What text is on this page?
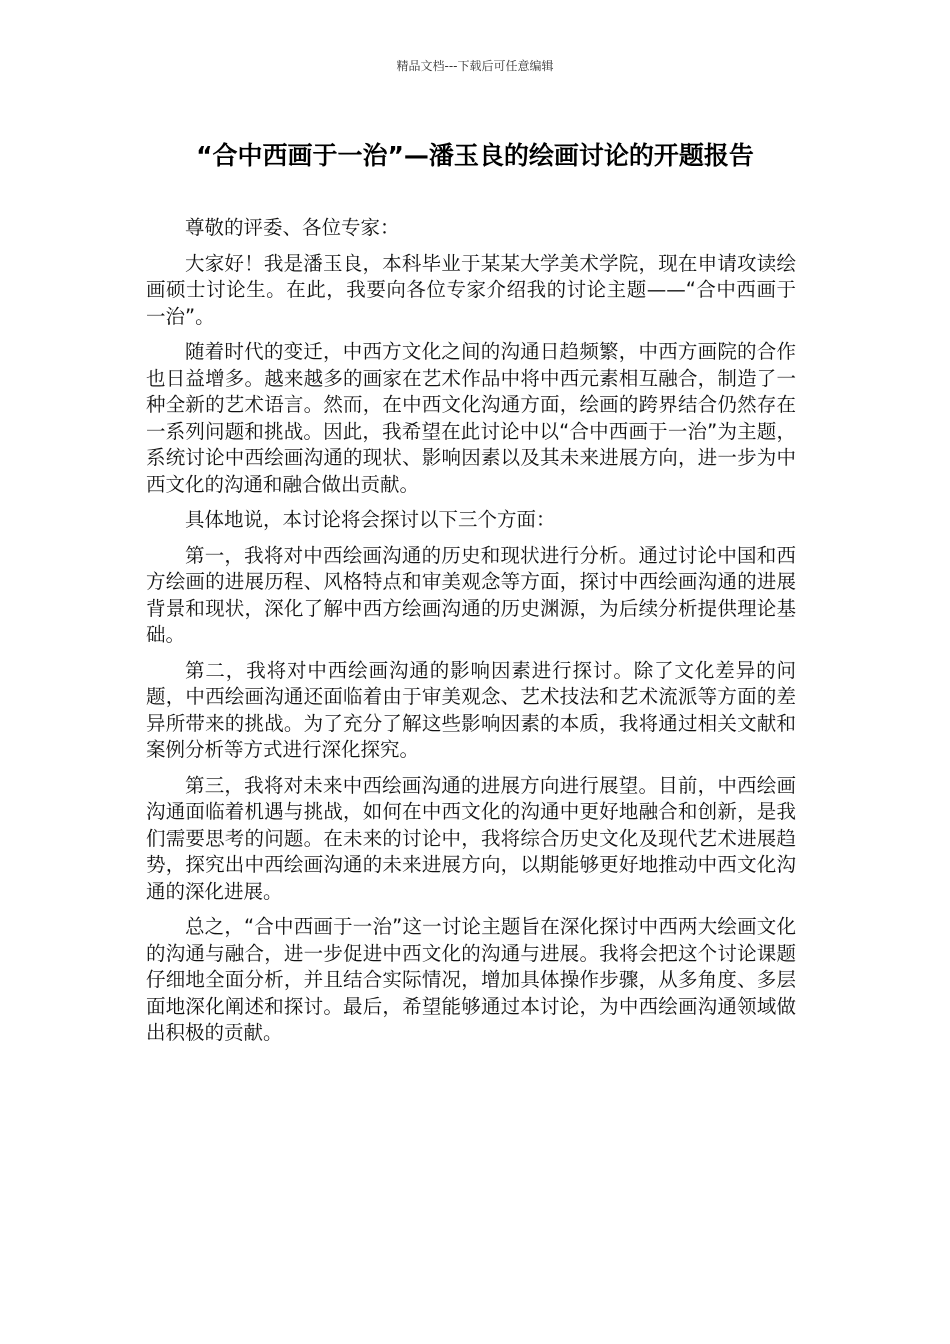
精品文档---下载后可任意编辑
“合中西画于一治”—潘玉良的绘画讨论的开题报告

尊敬的评委、各位专家：

大家好！我是潘玉良，本科毕业于某某大学美术学院，现在申请攻读绘画硕士讨论生。在此，我要向各位专家介绍我的讨论主题——“合中西画于一治”。

随着时代的变迁，中西方文化之间的沟通日趋频繁，中西方画院的合作也日益增多。越来越多的画家在艺术作品中将中西元素相互融合，制造了一种全新的艺术语言。然而，在中西文化沟通方面，绘画的跨界结合仍然存在一系列问题和挑战。因此，我希望在此讨论中以“合中西画于一治”为主题，系统讨论中西绘画沟通的现状、影响因素以及其未来进展方向，进一步为中西文化的沟通和融合做出贡献。

具体地说，本讨论将会探讨以下三个方面：

第一，我将对中西绘画沟通的历史和现状进行分析。通过讨论中国和西方绘画的进展历程、风格特点和审美观念等方面，探讨中西绘画沟通的进展背景和现状，深化了解中西方绘画沟通的历史渊源，为后续分析提供理论基础。

第二，我将对中西绘画沟通的影响因素进行探讨。除了文化差异的问题，中西绘画沟通还面临着由于审美观念、艺术技法和艺术流派等方面的差异所带来的挑战。为了充分了解这些影响因素的本质，我将通过相关文献和案例分析等方式进行深化探究。

第三，我将对未来中西绘画沟通的进展方向进行展望。目前，中西绘画沟通面临着机遇与挑战，如何在中西文化的沟通中更好地融合和创新，是我们需要思考的问题。在未来的讨论中，我将综合历史文化及现代艺术进展趋势，探究出中西绘画沟通的未来进展方向，以期能够更好地推动中西文化沟通的深化进展。

总之，“合中西画于一治”这一讨论主题旨在深化探讨中西两大绘画文化的沟通与融合，进一步促进中西文化的沟通与进展。我将会把这个讨论课题仔细地全面分析，并且结合实际情况，增加具体操作步骤，从多角度、多层面地深化阐述和探讨。最后，希望能够通过本讨论，为中西绘画沟通领域做出积极的贡献。
